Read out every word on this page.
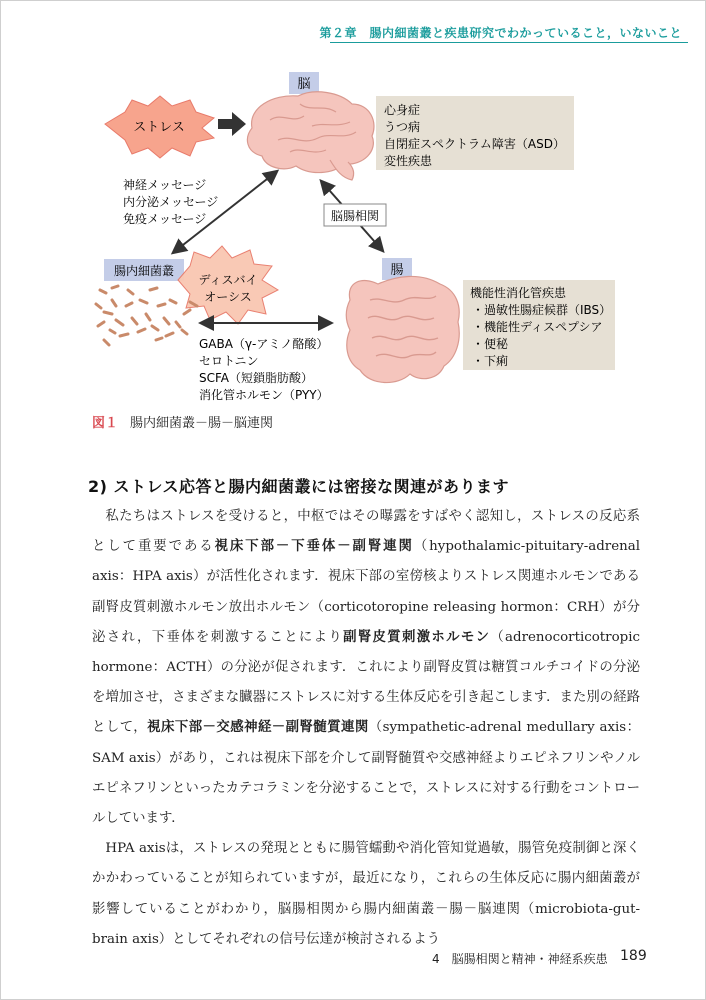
第２章　腸内細菌叢と疾患研究でわかっていること，いないこと
脳
ストレス
心身症
うつ病
自閉症スペクトラム障害（ASD）
変性疾患
神経メッセージ
内分泌メッセージ
免疫メッセージ	脳腸相関
腸内細菌叢
ディスバイ
オーシス
GABA（γ-アミノ酪酸）
セロトニン
SCFA（短鎖脂肪酸）
消化管ホルモン（PYY）
腸
機能性消化管疾患
・過敏性腸症候群（IBS）
・機能性ディスペプシア
・便秘
・下痢
図１ 腸内細菌叢－腸－脳連関
2) ストレス応答と腸内細菌叢には密接な関連があります

私たちはストレスを受けると，中枢ではその曝露をすばやく認知し，ストレスの反応系として重要である視床下部－下垂体－副腎連関（hypothalamic-pituitary-adrenal axis：HPA axis）が活性化されます．視床下部の室傍核よりストレス関連ホルモンである副腎皮質刺激ホルモン放出ホルモン（corticotoropine releasing hormon：CRH）が分泌され，下垂体を刺激することにより副腎皮質刺激ホルモン（adrenocorticotropic hormone：ACTH）の分泌が促されます．これにより副腎皮質は糖質コルチコイドの分泌を増加させ，さまざまな臓器にストレスに対する生体反応を引き起こします．また別の経路として，視床下部－交感神経－副腎髄質連関（sympathetic-adrenal medullary axis：SAM axis）があり，これは視床下部を介して副腎髄質や交感神経よりエピネフリンやノルエピネフリンといったカテコラミンを分泌することで，ストレスに対する行動をコントロールしています．

HPA axisは，ストレスの発現とともに腸管蠕動や消化管知覚過敏，腸管免疫制御と深くかかわっていることが知られていますが，最近になり，これらの生体反応に腸内細菌叢が影響していることがわかり，脳腸相関から腸内細菌叢－腸－脳連関（microbiota-gut-brain axis）としてそれぞれの信号伝達が検討されるよう

4　脳腸相関と精神・神経系疾患 189
